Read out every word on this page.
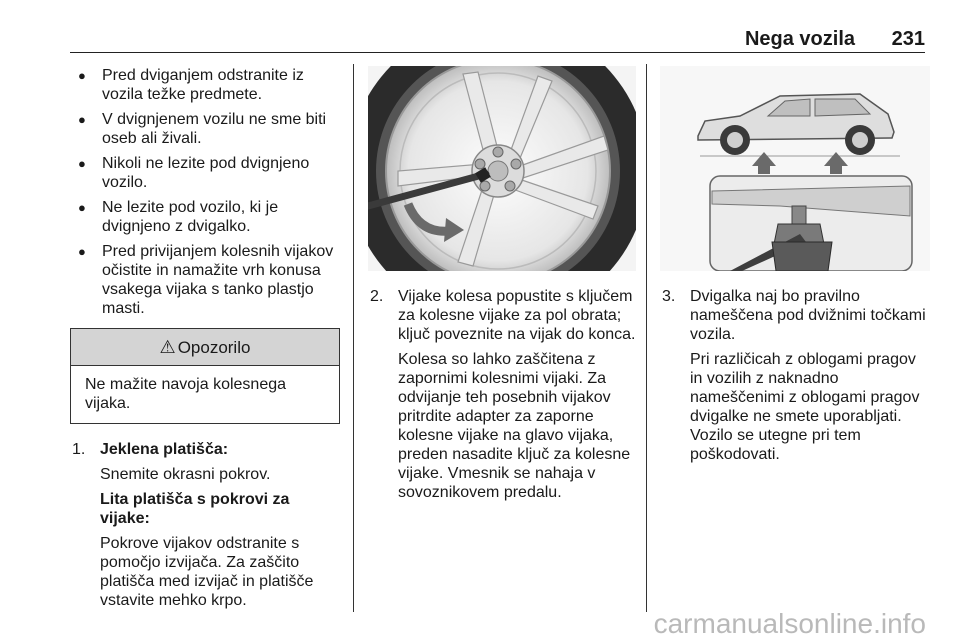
Nega vozila 231
● Pred dviganjem odstranite iz vozila težke predmete.
● V dvignjenem vozilu ne sme biti oseb ali živali.
● Nikoli ne lezite pod dvignjeno vozilo.
● Ne lezite pod vozilo, ki je dvignjeno z dvigalko.
● Pred privijanjem kolesnih vijakov očistite in namažite vrh konusa vsakega vijaka s tanko plastjo masti.
⚠ Opozorilo
Ne mažite navoja kolesnega vijaka.
1. Jeklena platišča:

Snemite okrasni pokrov.

Lita platišča s pokrovi za vijake:

Pokrove vijakov odstranite s pomočjo izvijača. Za zaščito platišča med izvijač in platišče vstavite mehko krpo.

2. Vijake kolesa popustite s ključem za kolesne vijake za pol obrata; ključ poveznite na vijak do konca.

Kolesa so lahko zaščitena z zapornimi kolesnimi vijaki. Za odvijanje teh posebnih vijakov pritrdite adapter za zaporne kolesne vijake na glavo vijaka, preden nasadite ključ za kolesne vijake. Vmesnik se nahaja v sovoznikovem predalu.

3. Dvigalka naj bo pravilno nameščena pod dvižnimi točkami vozila.

Pri različicah z oblogami pragov in vozilih z naknadno nameščenimi z oblogami pragov dvigalke ne smete uporabljati. Vozilo se utegne pri tem poškodovati.

carmanualsonline.info
